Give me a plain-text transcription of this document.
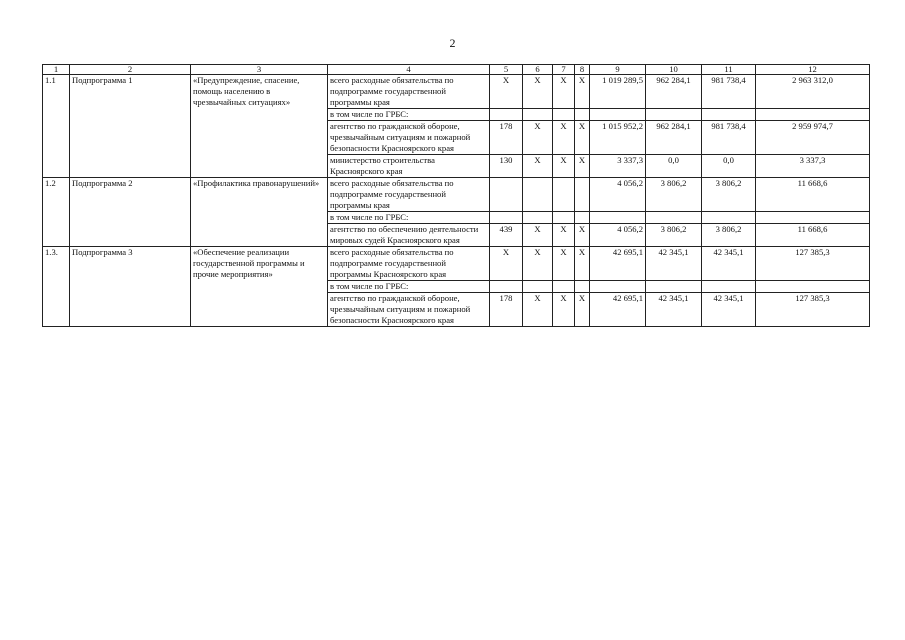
2
1	2	3	4	5	6	7	8	9	10	11	12
1.1	Подпрограмма 1	«Предупреждение, спасение, помощь населению в чрезвычайных ситуациях»	всего расходные обязательства по подпрограмме государственной программы края	Х	Х	Х	Х	1 019 289,5	962 284,1	981 738,4	2 963 312,0
			в том числе по ГРБС:								
			агентство по гражданской обороне, чрезвычайным ситуациям и пожарной безопасности Красноярского края	178	Х	Х	Х	1 015 952,2	962 284,1	981 738,4	2 959 974,7
			министерство строительства Красноярского края	130	Х	Х	Х	3 337,3	0,0	0,0	3 337,3
1.2	Подпрограмма 2	«Профилактика правонарушений»	всего расходные обязательства по подпрограмме государственной программы края					4 056,2	3 806,2	3 806,2	11 668,6
			в том числе по ГРБС:								
			агентство по обеспечению деятельности мировых судей Красноярского края	439	Х	Х	Х	4 056,2	3 806,2	3 806,2	11 668,6
1.3.	Подпрограмма 3	«Обеспечение реализации государственной программы и прочие мероприятия»	всего расходные обязательства по подпрограмме государственной программы Красноярского края	Х	Х	Х	Х	42 695,1	42 345,1	42 345,1	127 385,3
			в том числе по ГРБС:								
			агентство по гражданской обороне, чрезвычайным ситуациям и пожарной безопасности Красноярского края	178	Х	Х	Х	42 695,1	42 345,1	42 345,1	127 385,3
